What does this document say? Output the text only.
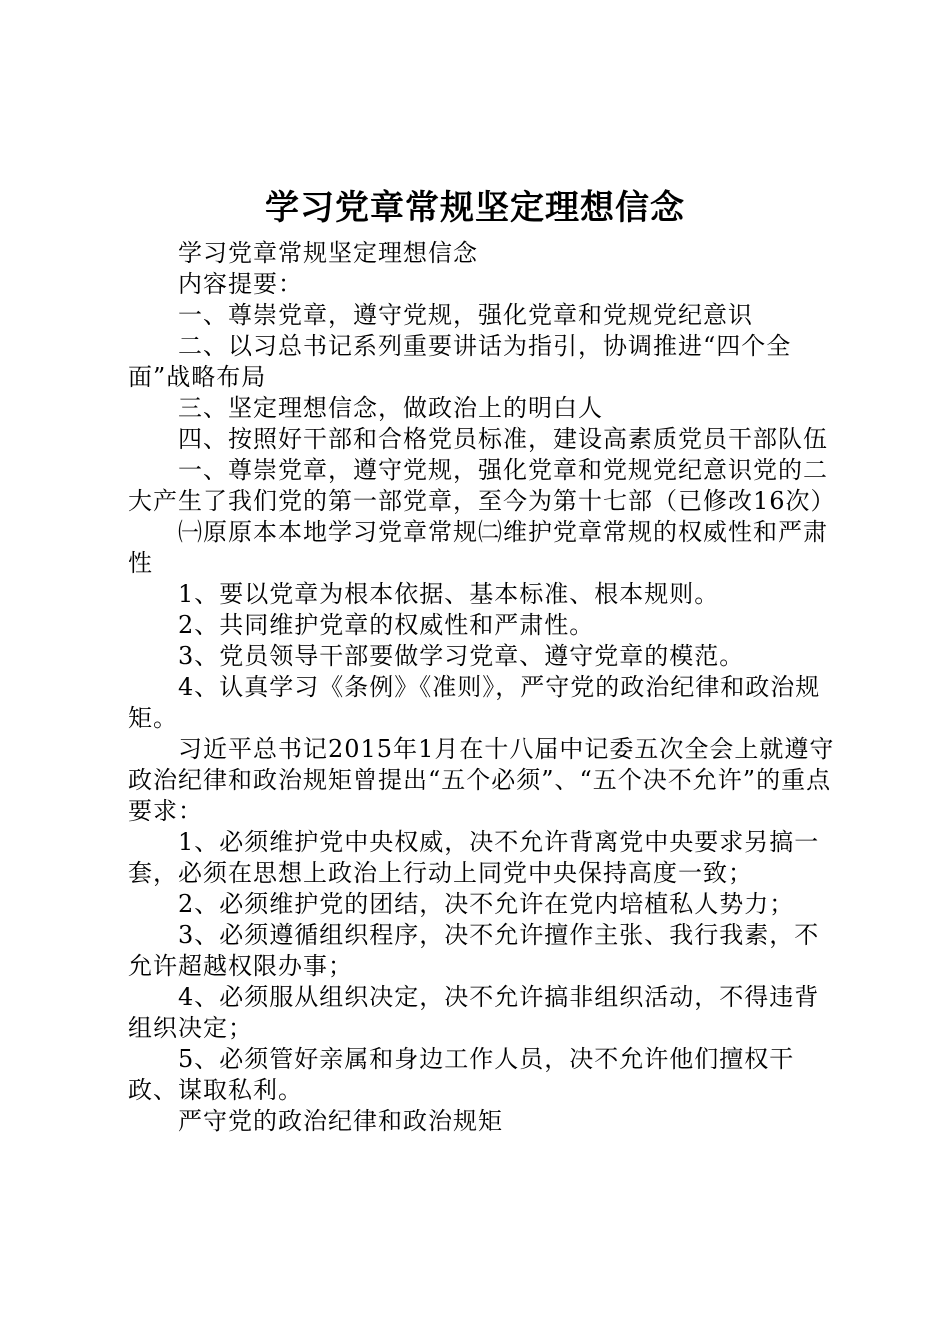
学习党章常规坚定理想信念

学习党章常规坚定理想信念

内容提要：

一、尊崇党章，遵守党规，强化党章和党规党纪意识

二、以习总书记系列重要讲话为指引，协调推进“四个全面”战略布局

三、坚定理想信念，做政治上的明白人

四、按照好干部和合格党员标准，建设高素质党员干部队伍

一、尊崇党章，遵守党规，强化党章和党规党纪意识党的二大产生了我们党的第一部党章，至今为第十七部（已修改16次）

㈠原原本本地学习党章常规㈡维护党章常规的权威性和严肃性

1、要以党章为根本依据、基本标准、根本规则。

2、共同维护党章的权威性和严肃性。

3、党员领导干部要做学习党章、遵守党章的模范。

4、认真学习《条例》《准则》，严守党的政治纪律和政治规矩。

习近平总书记2015年1月在十八届中记委五次全会上就遵守政治纪律和政治规矩曾提出“五个必须”、“五个决不允许”的重点要求：

1、必须维护党中央权威，决不允许背离党中央要求另搞一套，必须在思想上政治上行动上同党中央保持高度一致；

2、必须维护党的团结，决不允许在党内培植私人势力；

3、必须遵循组织程序，决不允许擅作主张、我行我素，不允许超越权限办事；

4、必须服从组织决定，决不允许搞非组织活动，不得违背组织决定；

5、必须管好亲属和身边工作人员，决不允许他们擅权干政、谋取私利。

严守党的政治纪律和政治规矩
